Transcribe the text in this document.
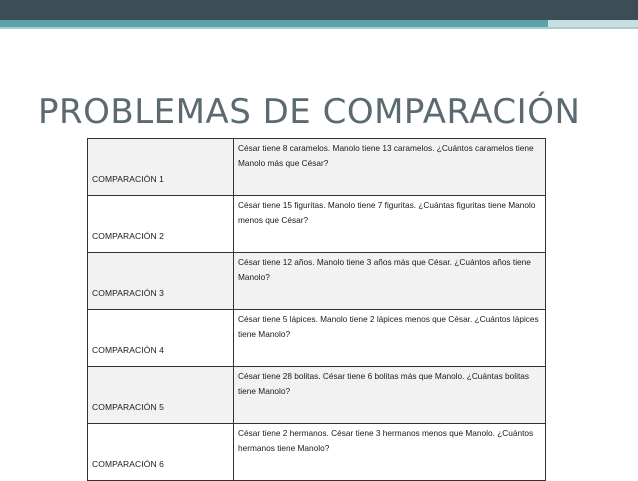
PROBLEMAS DE COMPARACIÓN
COMPARACIÓN 1	César tiene 8 caramelos. Manolo tiene 13 caramelos. ¿Cuántos caramelos tiene Manolo más que César?
COMPARACIÓN 2	César tiene 15 figuritas. Manolo tiene 7 figuritas. ¿Cuántas figuritas tiene Manolo menos que César?
COMPARACIÓN 3	César tiene 12 años. Manolo tiene 3 años más que César. ¿Cuántos años tiene Manolo?
COMPARACIÓN 4	César tiene 5 lápices. Manolo tiene 2 lápices menos que César. ¿Cuántos lápices tiene Manolo?
COMPARACIÓN 5	César tiene 28 bolitas. César tiene 6 bolitas más que Manolo. ¿Cuántas bolitas tiene Manolo?
COMPARACIÓN 6	César tiene 2 hermanos. César tiene 3 hermanos menos que Manolo. ¿Cuántos hermanos tiene Manolo?
